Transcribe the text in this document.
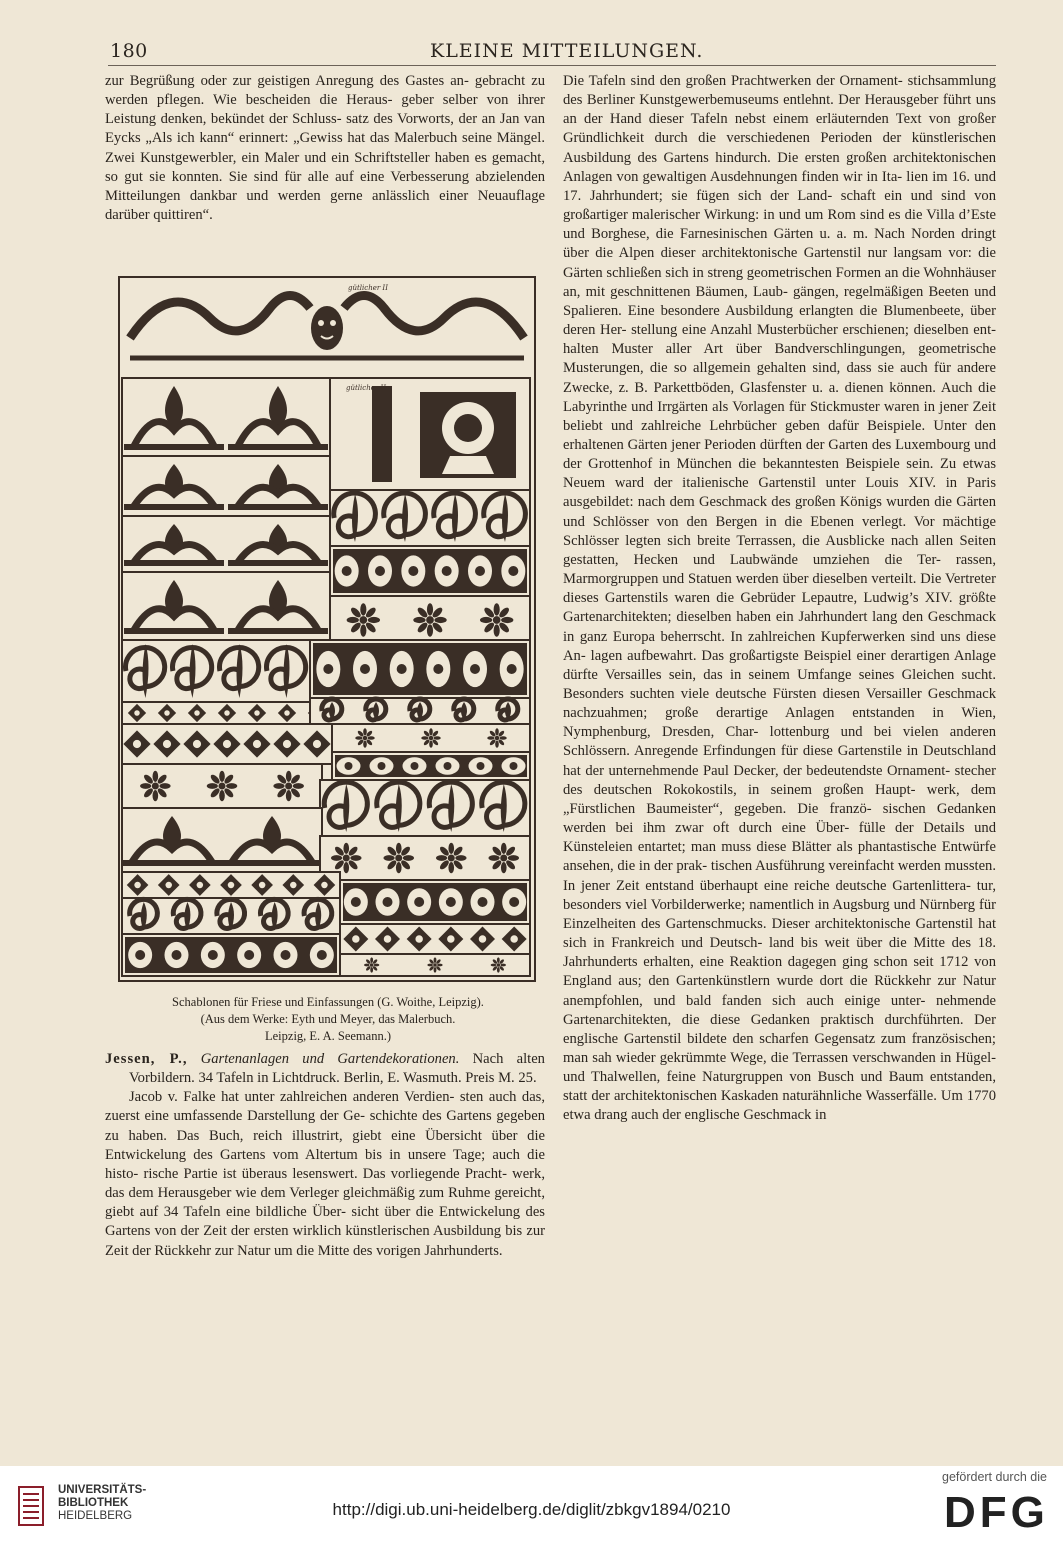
180	KLEINE MITTEILUNGEN.

zur Begrüßung oder zur geistigen Anregung des Gastes an- gebracht zu werden pflegen. Wie bescheiden die Heraus- geber selber von ihrer Leistung denken, bekündet der Schluss- satz des Vorworts, der an Jan van Eycks „Als ich kann“ erinnert: „Gewiss hat das Malerbuch seine Mängel. Zwei Kunstgewerbler, ein Maler und ein Schriftsteller haben es gemacht, so gut sie konnten. Sie sind für alle auf eine Verbesserung abzielenden Mitteilungen dankbar und werden gerne anlässlich einer Neuauflage darüber quittiren“.

gütlicher II
gütlicher II
Schablonen für Friese und Einfassungen (G. Woithe, Leipzig).
(Aus dem Werke: Eyth und Meyer, das Malerbuch.
Leipzig, E. A. Seemann.)

Jessen, P., Gartenanlagen und Gartendekorationen. Nach alten Vorbildern. 34 Tafeln in Lichtdruck. Berlin, E. Wasmuth. Preis M. 25.

Jacob v. Falke hat unter zahlreichen anderen Verdien- sten auch das, zuerst eine umfassende Darstellung der Ge- schichte des Gartens gegeben zu haben. Das Buch, reich illustrirt, giebt eine Übersicht über die Entwickelung des Gartens vom Altertum bis in unsere Tage; auch die histo- rische Partie ist überaus lesenswert. Das vorliegende Pracht- werk, das dem Herausgeber wie dem Verleger gleichmäßig zum Ruhme gereicht, giebt auf 34 Tafeln eine bildliche Über- sicht über die Entwickelung des Gartens von der Zeit der ersten wirklich künstlerischen Ausbildung bis zur Zeit der Rückkehr zur Natur um die Mitte des vorigen Jahrhunderts.

Die Tafeln sind den großen Prachtwerken der Ornament- stichsammlung des Berliner Kunstgewerbemuseums entlehnt. Der Herausgeber führt uns an der Hand dieser Tafeln nebst einem erläuternden Text von großer Gründlichkeit durch die verschiedenen Perioden der künstlerischen Ausbildung des Gartens hindurch. Die ersten großen architektonischen Anlagen von gewaltigen Ausdehnungen finden wir in Ita- lien im 16. und 17. Jahrhundert; sie fügen sich der Land- schaft ein und sind von großartiger malerischer Wirkung: in und um Rom sind es die Villa d’Este und Borghese, die Farnesinischen Gärten u. a. m. Nach Norden dringt über die Alpen dieser architektonische Gartenstil nur langsam vor: die Gärten schließen sich in streng geometrischen Formen an die Wohnhäuser an, mit geschnittenen Bäumen, Laub- gängen, regelmäßigen Beeten und Spalieren. Eine besondere Ausbildung erlangten die Blumenbeete, über deren Her- stellung eine Anzahl Musterbücher erschienen; dieselben ent- halten Muster aller Art über Bandverschlingungen, geometrische Musterungen, die so allgemein gehalten sind, dass sie auch für andere Zwecke, z. B. Parkettböden, Glasfenster u. a. dienen können. Auch die Labyrinthe und Irrgärten als Vorlagen für Stickmuster waren in jener Zeit beliebt und zahlreiche Lehrbücher geben dafür Beispiele. Unter den erhaltenen Gärten jener Perioden dürften der Garten des Luxembourg und der Grottenhof in München die bekanntesten Beispiele sein. Zu etwas Neuem ward der italienische Gartenstil unter Louis XIV. in Paris ausgebildet: nach dem Geschmack des großen Königs wurden die Gärten und Schlösser von den Bergen in die Ebenen verlegt. Vor mächtige Schlösser legten sich breite Terrassen, die Ausblicke nach allen Seiten gestatten, Hecken und Laubwände umziehen die Ter- rassen, Marmorgruppen und Statuen werden über dieselben verteilt. Die Vertreter dieses Gartenstils waren die Gebrüder Lepautre, Ludwig’s XIV. größte Gartenarchitekten; dieselben haben ein Jahrhundert lang den Geschmack in ganz Europa beherrscht. In zahlreichen Kupferwerken sind uns diese An- lagen aufbewahrt. Das großartigste Beispiel einer derartigen Anlage dürfte Versailles sein, das in seinem Umfange seines Gleichen sucht. Besonders suchten viele deutsche Fürsten diesen Versailler Geschmack nachzuahmen; große derartige Anlagen entstanden in Wien, Nymphenburg, Dresden, Char- lottenburg und bei vielen anderen Schlössern. Anregende Erfindungen für diese Gartenstile in Deutschland hat der unternehmende Paul Decker, der bedeutendste Ornament- stecher des deutschen Rokokostils, in seinem großen Haupt- werk, dem „Fürstlichen Baumeister“, gegeben. Die franzö- sischen Gedanken werden bei ihm zwar oft durch eine Über- fülle der Details und Künsteleien entartet; man muss diese Blätter als phantastische Entwürfe ansehen, die in der prak- tischen Ausführung vereinfacht werden mussten. In jener Zeit entstand überhaupt eine reiche deutsche Gartenlittera- tur, besonders viel Vorbilderwerke; namentlich in Augsburg und Nürnberg für Einzelheiten des Gartenschmucks. Dieser architektonische Gartenstil hat sich in Frankreich und Deutsch- land bis weit über die Mitte des 18. Jahrhunderts erhalten, eine Reaktion dagegen ging schon seit 1712 von England aus; den Gartenkünstlern wurde dort die Rückkehr zur Natur anempfohlen, und bald fanden sich auch einige unter- nehmende Gartenarchitekten, die diese Gedanken praktisch durchführten. Der englische Gartenstil bildete den scharfen Gegensatz zum französischen; man sah wieder gekrümmte Wege, die Terrassen verschwanden in Hügel- und Thalwellen, feine Naturgruppen von Busch und Baum entstanden, statt der architektonischen Kaskaden naturähnliche Wasserfälle. Um 1770 etwa drang auch der englische Geschmack in

UNIVERSITÄTS-
BIBLIOTHEK
HEIDELBERG	http://digi.ub.uni-heidelberg.de/diglit/zbkgv1894/0210
gefördert durch die
DFG
